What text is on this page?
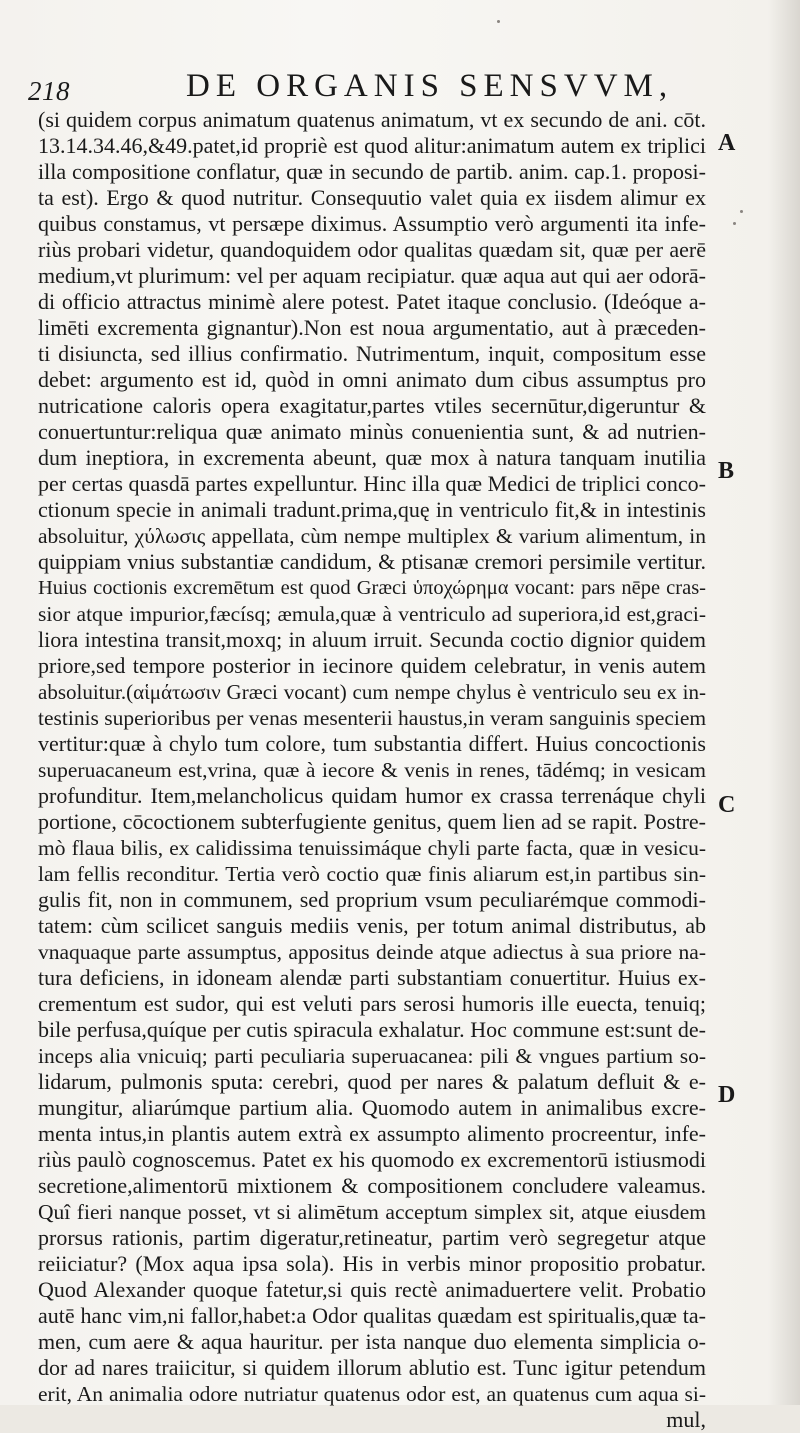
218	DE ORGANIS SENSVVM,
(si quidem corpus animatum quatenus animatum, vt ex secundo de ani. cōt.
13.14.34.46,&49.patet,id propriè est quod alitur:animatum autem ex triplici
illa compositione conflatur, quæ in secundo de partib. anim. cap.1. proposi-
ta est). Ergo & quod nutritur. Consequutio valet quia ex iisdem alimur ex
quibus constamus, vt persæpe diximus. Assumptio verò argumenti ita infe-
riùs probari videtur, quandoquidem odor qualitas quædam sit, quæ per aerē
medium,vt plurimum: vel per aquam recipiatur. quæ aqua aut qui aer odorā-
di officio attractus minimè alere potest. Patet itaque conclusio. (Ideóque a-
limēti excrementa gignantur).Non est noua argumentatio, aut à præceden-
ti disiuncta, sed illius confirmatio. Nutrimentum, inquit, compositum esse
debet: argumento est id, quòd in omni animato dum cibus assumptus pro
nutricatione caloris opera exagitatur,partes vtiles secernūtur,digeruntur &
conuertuntur:reliqua quæ animato minùs conuenientia sunt, & ad nutrien-
dum ineptiora, in excrementa abeunt, quæ mox à natura tanquam inutilia
per certas quasdā partes expelluntur. Hinc illa quæ Medici de triplici conco-
ctionum specie in animali tradunt.prima,quę in ventriculo fit,& in intestinis
absoluitur, χύλωσις appellata, cùm nempe multiplex & varium alimentum, in
quippiam vnius substantiæ candidum, & ptisanæ cremori persimile vertitur.
Huius coctionis excremētum est quod Græci ὑποχώρημα vocant: pars nēpe cras-
sior atque impurior,fæcísq; æmula,quæ à ventriculo ad superiora,id est,graci-
liora intestina transit,moxq; in aluum irruit. Secunda coctio dignior quidem
priore,sed tempore posterior in iecinore quidem celebratur, in venis autem
absoluitur.(αἱμάτωσιν Græci vocant) cum nempe chylus è ventriculo seu ex in-
testinis superioribus per venas mesenterii haustus,in veram sanguinis speciem
vertitur:quæ à chylo tum colore, tum substantia differt. Huius concoctionis
superuacaneum est,vrina, quæ à iecore & venis in renes, tādémq; in vesicam
profunditur. Item,melancholicus quidam humor ex crassa terrenáque chyli
portione, cōcoctionem subterfugiente genitus, quem lien ad se rapit. Postre-
mò flaua bilis, ex calidissima tenuissimáque chyli parte facta, quæ in vesicu-
lam fellis reconditur. Tertia verò coctio quæ finis aliarum est,in partibus sin-
gulis fit, non in communem, sed proprium vsum peculiarémque commodi-
tatem: cùm scilicet sanguis mediis venis, per totum animal distributus, ab
vnaquaque parte assumptus, appositus deinde atque adiectus à sua priore na-
tura deficiens, in idoneam alendæ parti substantiam conuertitur. Huius ex-
crementum est sudor, qui est veluti pars serosi humoris ille euecta, tenuiq;
bile perfusa,quíque per cutis spiracula exhalatur. Hoc commune est:sunt de-
inceps alia vnicuiq; parti peculiaria superuacanea: pili & vngues partium so-
lidarum, pulmonis sputa: cerebri, quod per nares & palatum defluit & e-
mungitur, aliarúmque partium alia. Quomodo autem in animalibus excre-
menta intus,in plantis autem extrà ex assumpto alimento procreentur, infe-
riùs paulò cognoscemus. Patet ex his quomodo ex excrementorū istiusmodi
secretione,alimentorū mixtionem & compositionem concludere valeamus.
Quî fieri nanque posset, vt si alimētum acceptum simplex sit, atque eiusdem
prorsus rationis, partim digeratur,retineatur, partim verò segregetur atque
reiiciatur? (Mox aqua ipsa sola). His in verbis minor propositio probatur.
Quod Alexander quoque fatetur,si quis rectè animaduertere velit. Probatio
autē hanc vim,ni fallor,habet:a Odor qualitas quædam est spiritualis,quæ ta-
men, cum aere & aqua hauritur. per ista nanque duo elementa simplicia o-
dor ad nares traiicitur, si quidem illorum ablutio est. Tunc igitur petendum
erit, An animalia odore nutriatur quatenus odor est, an quatenus cum aqua si-
mul,
A
B
C
D
